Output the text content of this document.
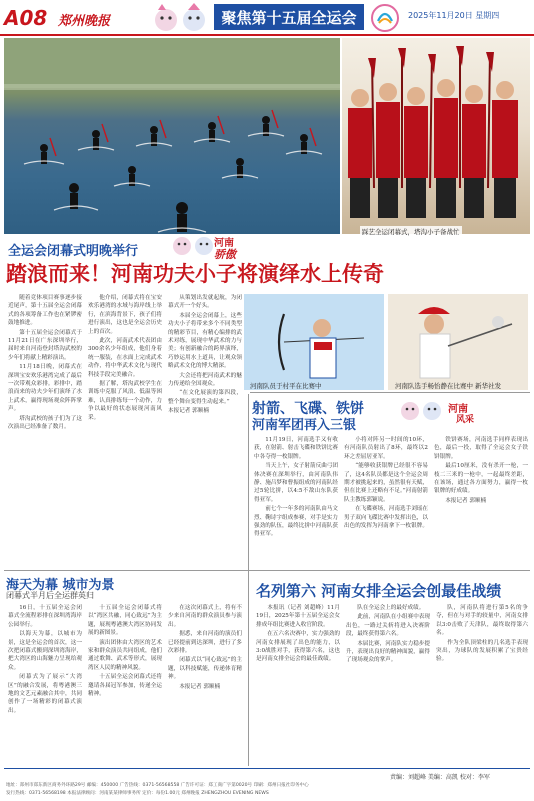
A08 郑州晚报	聚焦第十五届全运会	2025年11月20日 星期四
踩艺全运闭幕式，塔沟小子备战忙
全运会闭幕式明晚举行
河南
骄傲
踏浪而来！河南功夫小子将演绎水上传奇

随着竞体项目赛事逐步接近尾声，第十五届全运会闭幕式的各项筹备工作也在紧锣密鼓地推进。

第十五届全运会闭幕式于11月21日在广东深圳举行，届时来自河南登封塔沟武校的少年们将献上精彩演出。

11月18日晚，闭幕式在深圳宝安欢乐港湾完成了最后一次带观众彩排。彩排中，踏浪而来的功夫少年们演绎了水上武术，赢得现场观众阵阵掌声。

塔沟武校的孩子们为了这次演出已经准备了数月。

他介绍，闭幕式将在宝安欢乐港湾的水域与海岸线上举行，在滨海背景下，孩子们将进行演出，这也是全运会历史上的首次。

此次，河南武术代表团由300余名少年组成，他们身着统一服装，在水面上完成武术动作，将中华武术文化与现代科技手段完美融合。

据了解，塔沟武校学生在训练中克服了风浪、低温等困难，认真排练每一个动作，力争以最好的状态展现河南风采。

从策划出发就起航，为闭幕式开一个好头。

本届全运会闭幕上，这些功夫小子将带来多个不同类型的精彩节目，有精心编排的武术对练，展现中华武术的力与美；有创新融合的跨界演绎，巧妙运用水上道具，让观众领略武术文化的博大精深。

大会还将把河南武术的魅力传递给全国观众。

“在文化展演的第四段，整个舞台变得生动起来。”

本报记者 郭顺楠

河南队员于村平在比赛中	河南队选手畅怡静在比赛中 新华社发
射箭、飞碟、铁饼
河南军团再入三银
河南
风采

11月19日，河南选手又有收获，在射箭、射击飞碟和铁饼比赛中各夺得一枚银牌。

当天上午，女子射箭反曲弓团体决赛在深圳举行，由河南队伟静、施吕梦和曹振组成的河南队经过5轮比拼，以4:5不敌山东队获得亚军。

前七个一年多的河南队由马文烈、鞠诗宇组成参赛，对手是实力强劲的队伍，最终比拼中河南队获得亚军。

小将对阵另一时间的10环，有河南队员射出了8环，最终以2环之差屈居亚军。

“能够收获银牌已经很不容易了，这4名队员都是这个全运会周期才被挑起来的，虽然很有天赋，但在比赛上还略有不足。”河南射箭队主教练郭颖说。

在飞碟赛场，河南选手刘瑶在男子双向飞碟比赛中发挥出色，以出色的发挥为河南拿下一枚银牌。

铁饼赛场，河南选手同样表现出色，最后一投，取得了全运会女子铁饼银牌。

最后10厘米，没有杀开一枪，一枝二三米的一枪中，一起最终差距，在该场，通过各方面努力，赢得一枚银牌的好成绩。

本报记者 郭顺楠

海天为幕 城市为景
闭幕式半月后全运群英归

16日，十五届全运会闭幕式全流程彩排在深圳湾海岸公园举行。

以海天为幕，以城市为景，这是全运会的首次，这一次把闭幕式搬到深圳湾海岸，把大湾区的山海魅力呈现给观众。

闭幕式为了展示“大湾区”的融合发展，将粤港澳三地的文艺元素融合其中，共同创作了一场精彩的闭幕式演出。

十五届全运会闭幕式将以“湾区共融，同心致远”为主题，展现粤港澳大湾区协同发展的新图景。

演出团体由大湾区的艺术家和群众演员共同组成，他们通过歌舞、武术等形式，展现湾区人民的精神风貌。

十五届全运会闭幕式还将邀请各届冠军参加，传递全运精神。

在这次闭幕式上，将有不少来自河南的群众演员参与演出。

据悉，来自河南的演员们已经提前到达深圳，进行了多次彩排。

闭幕式以“同心致远”的主题，以科技赋能，传递体育精神。

本报记者 郭顺楠

名列第六 河南女排全运会创最佳战绩

本报讯（记者 刘超峰）11月19日，2025年第十五届全运会女排成年组比赛进入收官阶段。

在五六名决赛中，实力强劲的河南女排展现了出色的能力，以3:0战胜对手，获得第六名，这也是河南女排全运会的最佳战绩。

队在全运会上的最好成绩。

此前，河南队在小组赛中表现出色，一路过关斩将进入决赛阶段，最终获得第六名。

本届比赛，河南队实力稳步提升，表现出良好的精神面貌，赢得了现场观众的掌声。

队，河南队将进行第5名的争夺，但在与对手的较量中，河南女排以3:0击败了天津队，最终取得第六名。

作为全队顶梁柱的几名选手表现突出，为球队的发展积累了宝贵经验。

责编：刘超峰 美编：高凯 校对：李军
地址：郑州市郑东新区商务外环路29号 邮编：450000 广告热线：0371-56568558 广告许可证：郑工商广字第0020号 印刷：郑州日报社印务中心
发行热线：0371-56568198 本报法律顾问：河南某某律师事务所 定价：每份1.00元 郑州晚报 ZHENGZHOU EVENING NEWS
